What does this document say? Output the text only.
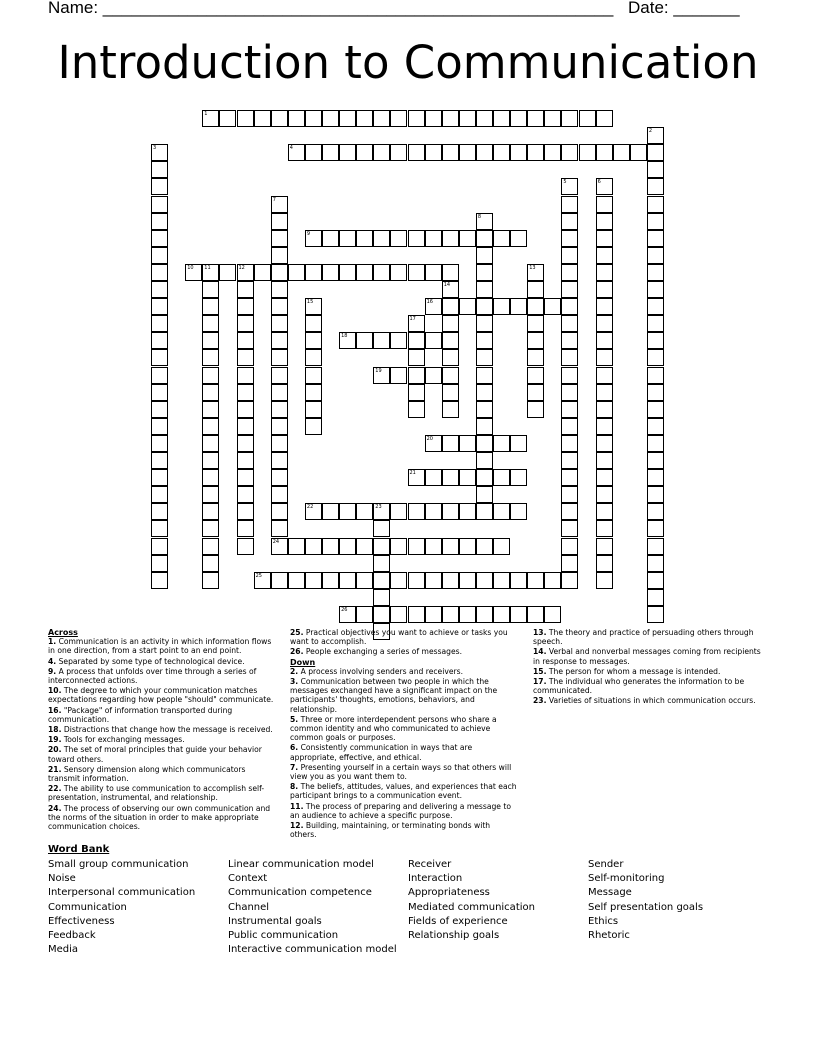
Name: ______________________________________________________ Date: _______
Introduction to Communication
1
2
3	4
5	6
7
24
8
9
10 11	12	13
14
15	16
17
18
19
20
21
22	23
25
26
Across
1. Communication is an activity in which information flows in one direction, from a start point to an end point.
4. Separated by some type of technological device.
9. A process that unfolds over time through a series of interconnected actions.
10. The degree to which your communication matches expectations regarding how people "should" communicate.
16. "Package" of information transported during communication.
18. Distractions that change how the message is received.
19. Tools for exchanging messages.
20. The set of moral principles that guide your behavior toward others.
21. Sensory dimension along which communicators transmit information.
22. The ability to use communication to accomplish self-presentation, instrumental, and relationship.
24. The process of observing our own communication and the norms of the situation in order to make appropriate communication choices.
25. Practical objectives you want to achieve or tasks you want to accomplish.
26. People exchanging a series of messages.
Down
2. A process involving senders and receivers.
3. Communication between two people in which the messages exchanged have a significant impact on the participants' thoughts, emotions, behaviors, and relationship.
5. Three or more interdependent persons who share a common identity and who communicated to achieve common goals or purposes.
6. Consistently communication in ways that are appropriate, effective, and ethical.
7. Presenting yourself in a certain ways so that others will view you as you want them to.
8. The beliefs, attitudes, values, and experiences that each participant brings to a communication event.
11. The process of preparing and delivering a message to an audience to achieve a specific purpose.
12. Building, maintaining, or terminating bonds with others.
13. The theory and practice of persuading others through speech.
14. Verbal and nonverbal messages coming from recipients in response to messages.
15. The person for whom a message is intended.
17. The individual who generates the information to be communicated.
23. Varieties of situations in which communication occurs.
Word Bank
Small group communication
Noise
Interpersonal communication
Communication
Effectiveness
Feedback
Media
Linear communication model
Context
Communication competence
Channel
Instrumental goals
Public communication
Interactive communication model
Receiver
Interaction
Appropriateness
Mediated communication
Fields of experience
Relationship goals
Sender
Self-monitoring
Message
Self presentation goals
Ethics
Rhetoric
